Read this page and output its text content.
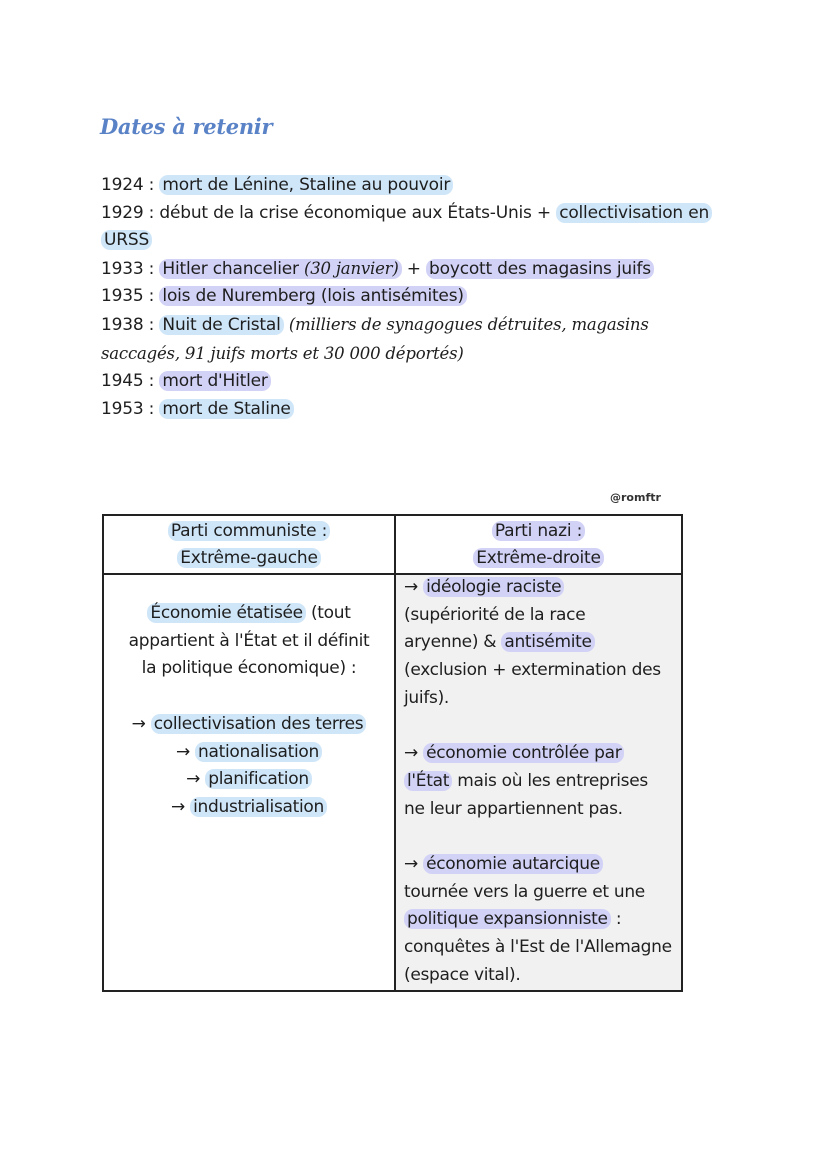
Dates à retenir
1924 : mort de Lénine, Staline au pouvoir
1929 : début de la crise économique aux États-Unis + collectivisation en
URSS
1933 : Hitler chancelier (30 janvier) + boycott des magasins juifs
1935 : lois de Nuremberg (lois antisémites)
1938 : Nuit de Cristal (milliers de synagogues détruites, magasins
saccagés, 91 juifs morts et 30 000 déportés)
1945 : mort d'Hitler
1953 : mort de Staline
@romftr
Parti communiste :
Extrême-gauche
Parti nazi :
Extrême-droite
Économie étatisée (tout
appartient à l'État et il définit
la politique économique) :
→ collectivisation des terres
→ nationalisation
→ planification
→ industrialisation
→ idéologie raciste
(supériorité de la race
aryenne) & antisémite
(exclusion + extermination des
juifs).
→ économie contrôlée par
l'État mais où les entreprises
ne leur appartiennent pas.
→ économie autarcique
tournée vers la guerre et une
politique expansionniste :
conquêtes à l'Est de l'Allemagne
(espace vital).
